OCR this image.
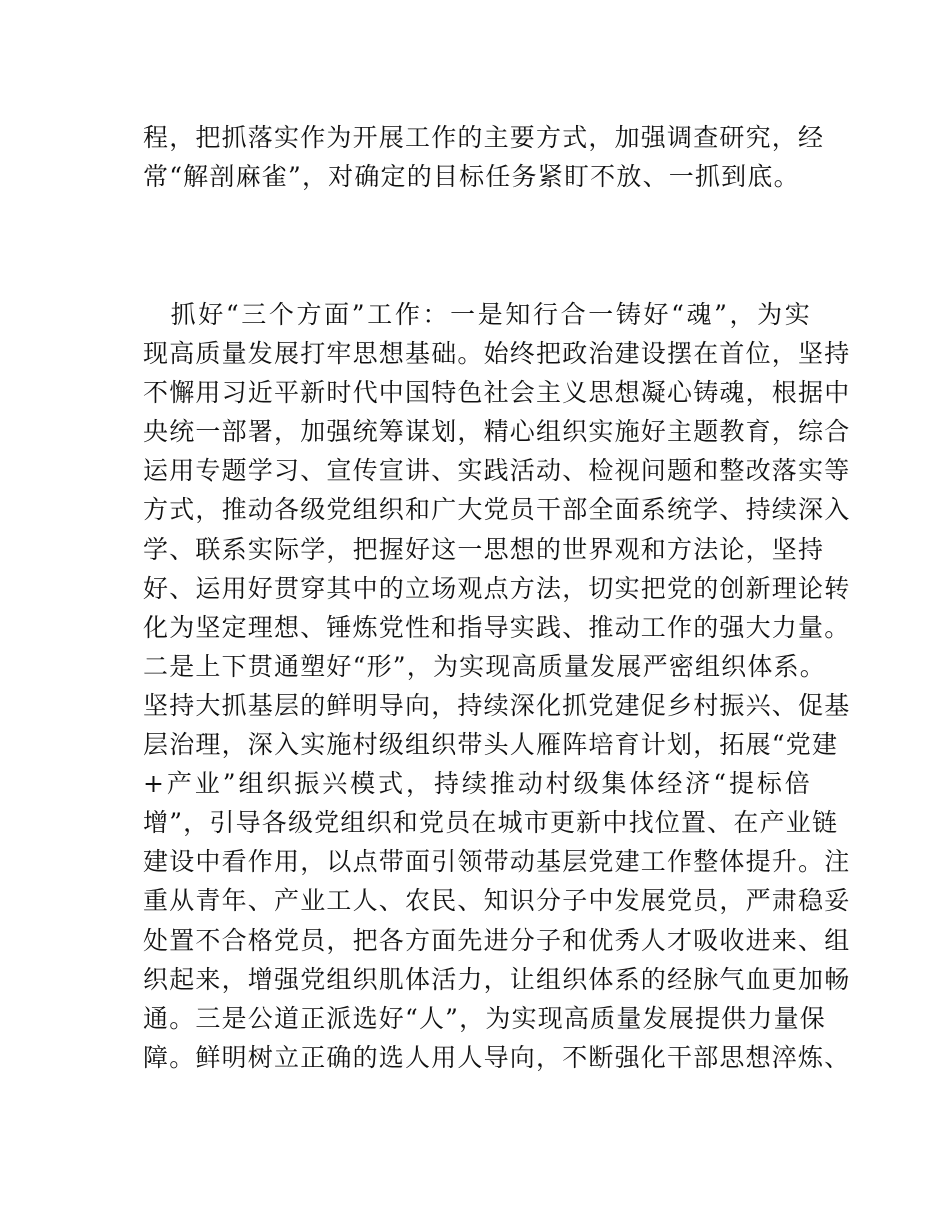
程，把抓落实作为开展工作的主要方式，加强调查研究，经
常“解剖麻雀”，对确定的目标任务紧盯不放、一抓到底。
　抓好“三个方面”工作：一是知行合一铸好“魂”，为实
现高质量发展打牢思想基础。始终把政治建设摆在首位，坚持
不懈用习近平新时代中国特色社会主义思想凝心铸魂，根据中
央统一部署，加强统筹谋划，精心组织实施好主题教育，综合
运用专题学习、宣传宣讲、实践活动、检视问题和整改落实等
方式，推动各级党组织和广大党员干部全面系统学、持续深入
学、联系实际学，把握好这一思想的世界观和方法论，坚持
好、运用好贯穿其中的立场观点方法，切实把党的创新理论转
化为坚定理想、锤炼党性和指导实践、推动工作的强大力量。
二是上下贯通塑好“形”，为实现高质量发展严密组织体系。
坚持大抓基层的鲜明导向，持续深化抓党建促乡村振兴、促基
层治理，深入实施村级组织带头人雁阵培育计划，拓展“党建
+产业”组织振兴模式，持续推动村级集体经济“提标倍
增”，引导各级党组织和党员在城市更新中找位置、在产业链
建设中看作用，以点带面引领带动基层党建工作整体提升。注
重从青年、产业工人、农民、知识分子中发展党员，严肃稳妥
处置不合格党员，把各方面先进分子和优秀人才吸收进来、组
织起来，增强党组织肌体活力，让组织体系的经脉气血更加畅
通。三是公道正派选好“人”，为实现高质量发展提供力量保
障。鲜明树立正确的选人用人导向，不断强化干部思想淬炼、
